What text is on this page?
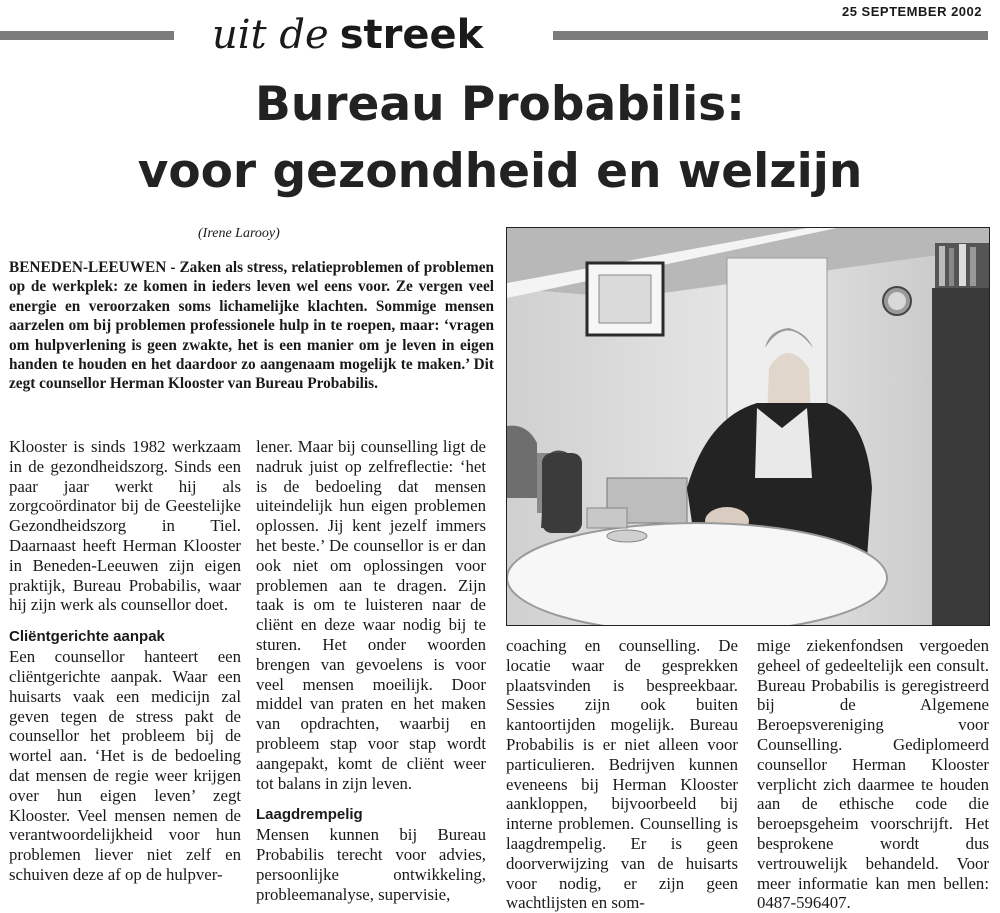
25 SEPTEMBER 2002
uit de streek
Bureau Probabilis:
voor gezondheid en welzijn
(Irene Larooy)
BENEDEN-LEEUWEN - Zaken als stress, relatieproblemen of problemen op de werkplek: ze komen in ieders leven wel eens voor. Ze vergen veel energie en veroorzaken soms lichamelijke klachten. Sommige mensen aarzelen om bij problemen professionele hulp in te roepen, maar: ‘vragen om hulpverlening is geen zwakte, het is een manier om je leven in eigen handen te houden en het daardoor zo aangenaam mogelijk te maken.’ Dit zegt counsellor Herman Klooster van Bureau Probabilis.

Klooster is sinds 1982 werkzaam in de gezondheidszorg. Sinds een paar jaar werkt hij als zorgcoördinator bij de Geestelijke Gezondheidszorg in Tiel. Daarnaast heeft Herman Klooster in Beneden-Leeuwen zijn eigen praktijk, Bureau Probabilis, waar hij zijn werk als counsellor doet.

Cliëntgerichte aanpak

Een counsellor hanteert een cliëntgerichte aanpak. Waar een huisarts vaak een medicijn zal geven tegen de stress pakt de counsellor het probleem bij de wortel aan. ‘Het is de bedoeling dat mensen de regie weer krijgen over hun eigen leven’ zegt Klooster. Veel mensen nemen de verantwoordelijkheid voor hun problemen liever niet zelf en schuiven deze af op de hulpver-

lener. Maar bij counselling ligt de nadruk juist op zelfreflectie: ‘het is de bedoeling dat mensen uiteindelijk hun eigen problemen oplossen. Jij kent jezelf immers het beste.’ De counsellor is er dan ook niet om oplossingen voor problemen aan te dragen. Zijn taak is om te luisteren naar de cliënt en deze waar nodig bij te sturen. Het onder woorden brengen van gevoelens is voor veel mensen moeilijk. Door middel van praten en het maken van opdrachten, waarbij en probleem stap voor stap wordt aangepakt, komt de cliënt weer tot balans in zijn leven.

Laagdrempelig

Mensen kunnen bij Bureau Probabilis terecht voor advies, persoonlijke ontwikkeling, probleemanalyse, supervisie,

coaching en counselling. De locatie waar de gesprekken plaatsvinden is bespreekbaar. Sessies zijn ook buiten kantoortijden mogelijk. Bureau Probabilis is er niet alleen voor particulieren. Bedrijven kunnen eveneens bij Herman Klooster aankloppen, bijvoorbeeld bij interne problemen. Counselling is laagdrempelig. Er is geen doorverwijzing van de huisarts voor nodig, er zijn geen wachtlijsten en som-

mige ziekenfondsen vergoeden geheel of gedeeltelijk een consult. Bureau Probabilis is geregistreerd bij de Algemene Beroepsvereniging voor Counselling. Gediplomeerd counsellor Herman Klooster verplicht zich daarmee te houden aan de ethische code die beroepsgeheim voorschrijft. Het besprokene wordt dus vertrouwelijk behandeld. Voor meer informatie kan men bellen: 0487-596407.
